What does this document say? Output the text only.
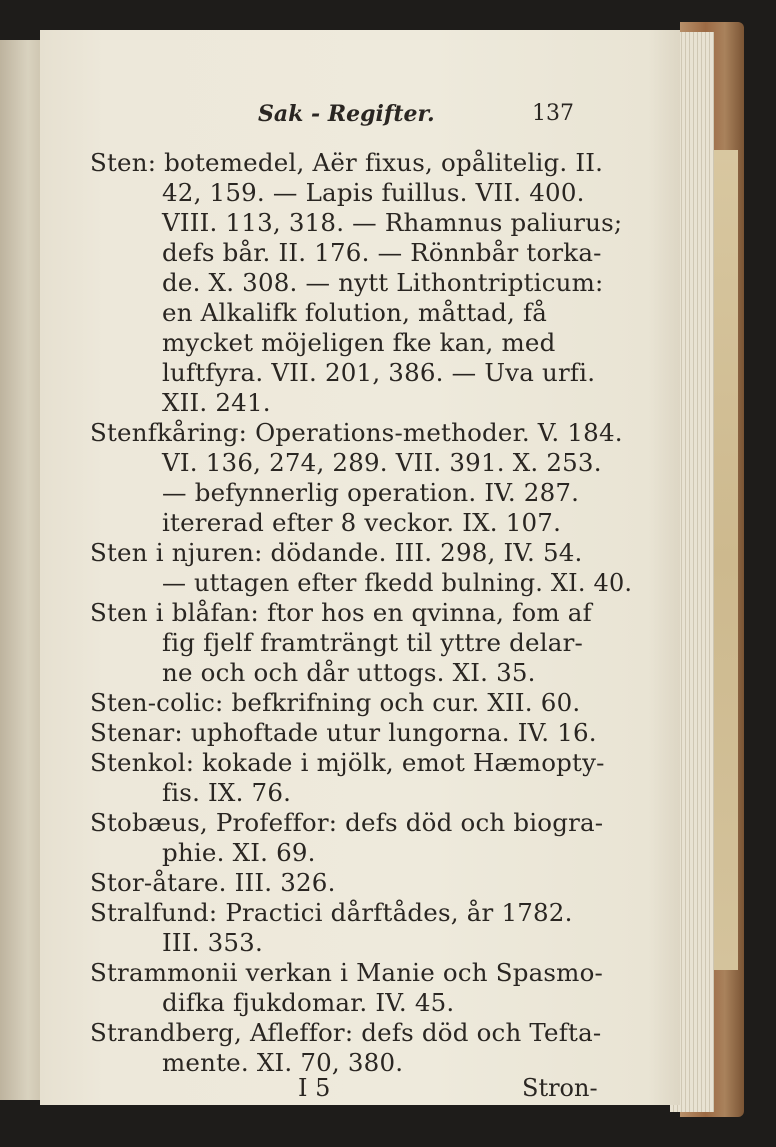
Sak - Regifter.	137
Sten: botemedel, Aër fixus, opålitelig. II.
42, 159. — Lapis fuillus. VII. 400.
VIII. 113, 318. — Rhamnus paliurus;
defs bår. II. 176. — Rönnbår torka-
de. X. 308. — nytt Lithontripticum:
en Alkalifk folution, måttad, få
mycket möjeligen fke kan, med
luftfyra. VII. 201, 386. — Uva urfi.
XII. 241.
Stenfkåring: Operations-methoder. V. 184.
VI. 136, 274, 289. VII. 391. X. 253.
— befynnerlig operation. IV. 287.
itererad efter 8 veckor. IX. 107.
Sten i njuren: dödande. III. 298, IV. 54.
— uttagen efter fkedd bulning. XI. 40.
Sten i blåfan: ftor hos en qvinna, fom af
fig fjelf framträngt til yttre delar-
ne och och dår uttogs. XI. 35.
Sten-colic: befkrifning och cur. XII. 60.
Stenar: uphoftade utur lungorna. IV. 16.
Stenkol: kokade i mjölk, emot Hæmopty-
fis. IX. 76.
Stobæus, Profeffor: defs död och biogra-
phie. XI. 69.
Stor-åtare. III. 326.
Stralfund: Practici dårftådes, år 1782.
III. 353.
Strammonii verkan i Manie och Spasmo-
difka fjukdomar. IV. 45.
Strandberg, Afleffor: defs död och Tefta-
mente. XI. 70, 380.
I 5	Stron-
